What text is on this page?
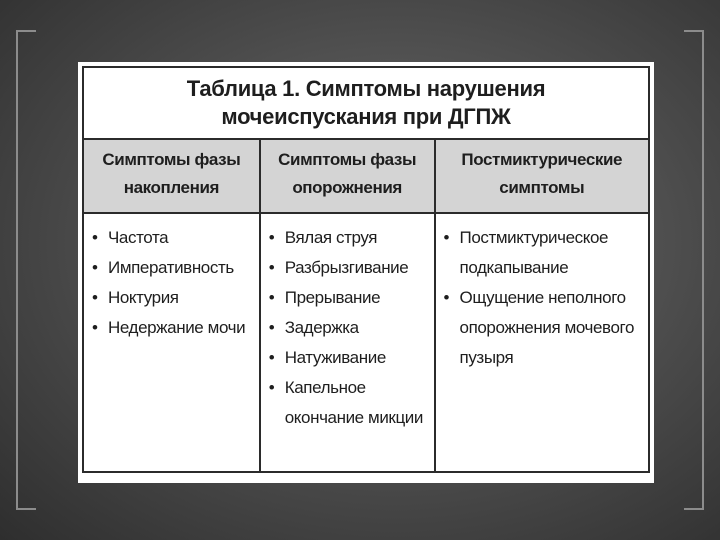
Таблица 1. Симптомы нарушения
мочеиспускания при ДГПЖ
Симптомы фазы
накопления
Симптомы фазы
опорожнения
Постмиктурические
симптомы
• Частота
• Императивность
• Ноктурия
• Недержание мочи
• Вялая струя
• Разбрызгивание
• Прерывание
• Задержка
• Натуживание
• Капельное окончание микции
• Постмиктурическое подкапывание
• Ощущение неполного опорожнения мочевого пузыря
